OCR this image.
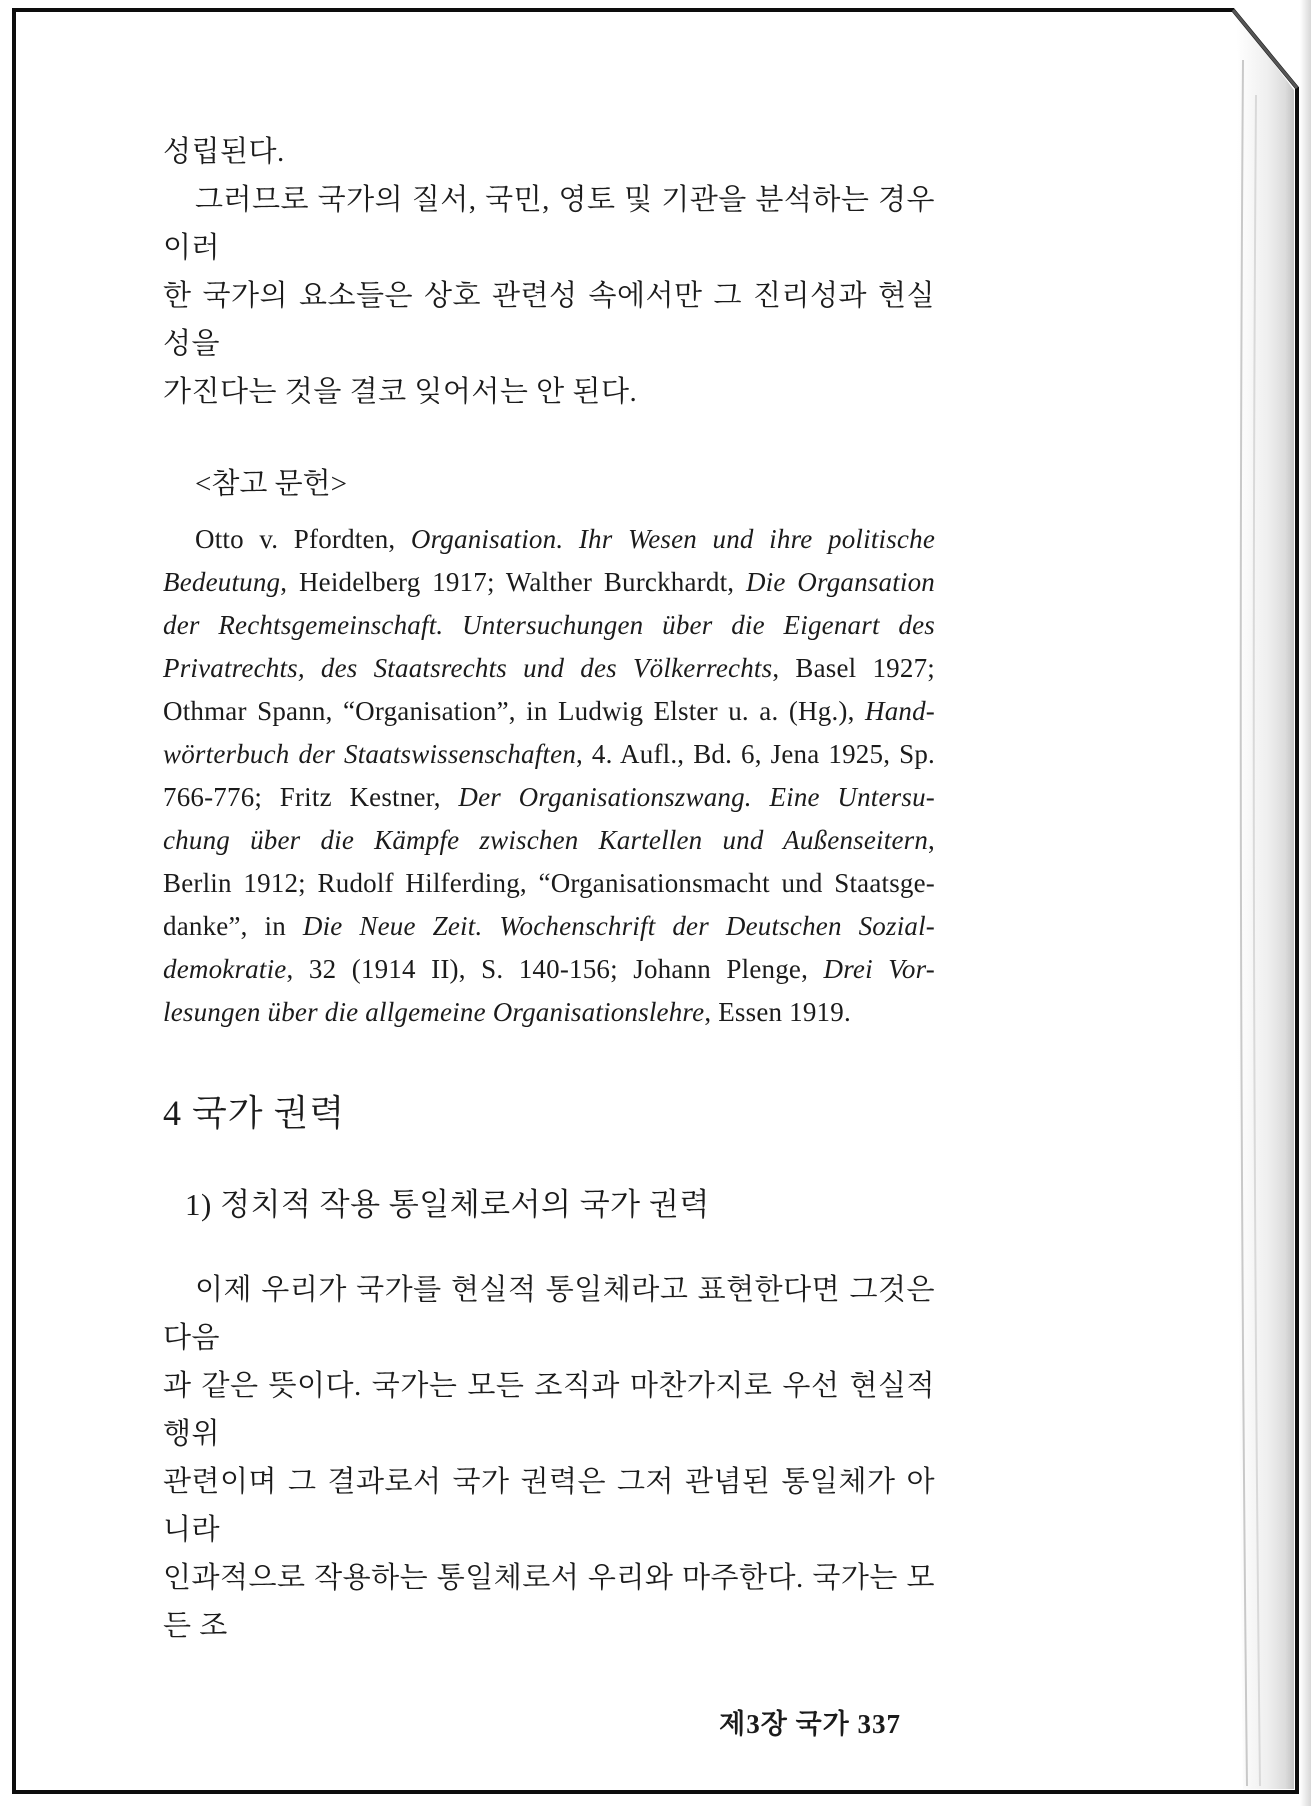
성립된다.
그러므로 국가의 질서, 국민, 영토 및 기관을 분석하는 경우 이러
한 국가의 요소들은 상호 관련성 속에서만 그 진리성과 현실성을
가진다는 것을 결코 잊어서는 안 된다.
<참고 문헌>
Otto v. Pfordten, Organisation. Ihr Wesen und ihre politische
Bedeutung, Heidelberg 1917; Walther Burckhardt, Die Organsation
der Rechtsgemeinschaft. Untersuchungen über die Eigenart des
Privatrechts, des Staatsrechts und des Völkerrechts, Basel 1927;
Othmar Spann, “Organisation”, in Ludwig Elster u. a. (Hg.), Hand-
wörterbuch der Staatswissenschaften, 4. Aufl., Bd. 6, Jena 1925, Sp.
766-776; Fritz Kestner, Der Organisationszwang. Eine Untersu-
chung über die Kämpfe zwischen Kartellen und Außenseitern,
Berlin 1912; Rudolf Hilferding, “Organisationsmacht und Staatsge-
danke”, in Die Neue Zeit. Wochenschrift der Deutschen Sozial-
demokratie, 32 (1914 II), S. 140-156; Johann Plenge, Drei Vor-
lesungen über die allgemeine Organisationslehre, Essen 1919.
4 국가 권력
1) 정치적 작용 통일체로서의 국가 권력
이제 우리가 국가를 현실적 통일체라고 표현한다면 그것은 다음
과 같은 뜻이다. 국가는 모든 조직과 마찬가지로 우선 현실적 행위
관련이며 그 결과로서 국가 권력은 그저 관념된 통일체가 아니라
인과적으로 작용하는 통일체로서 우리와 마주한다. 국가는 모든 조
제3장 국가 337
